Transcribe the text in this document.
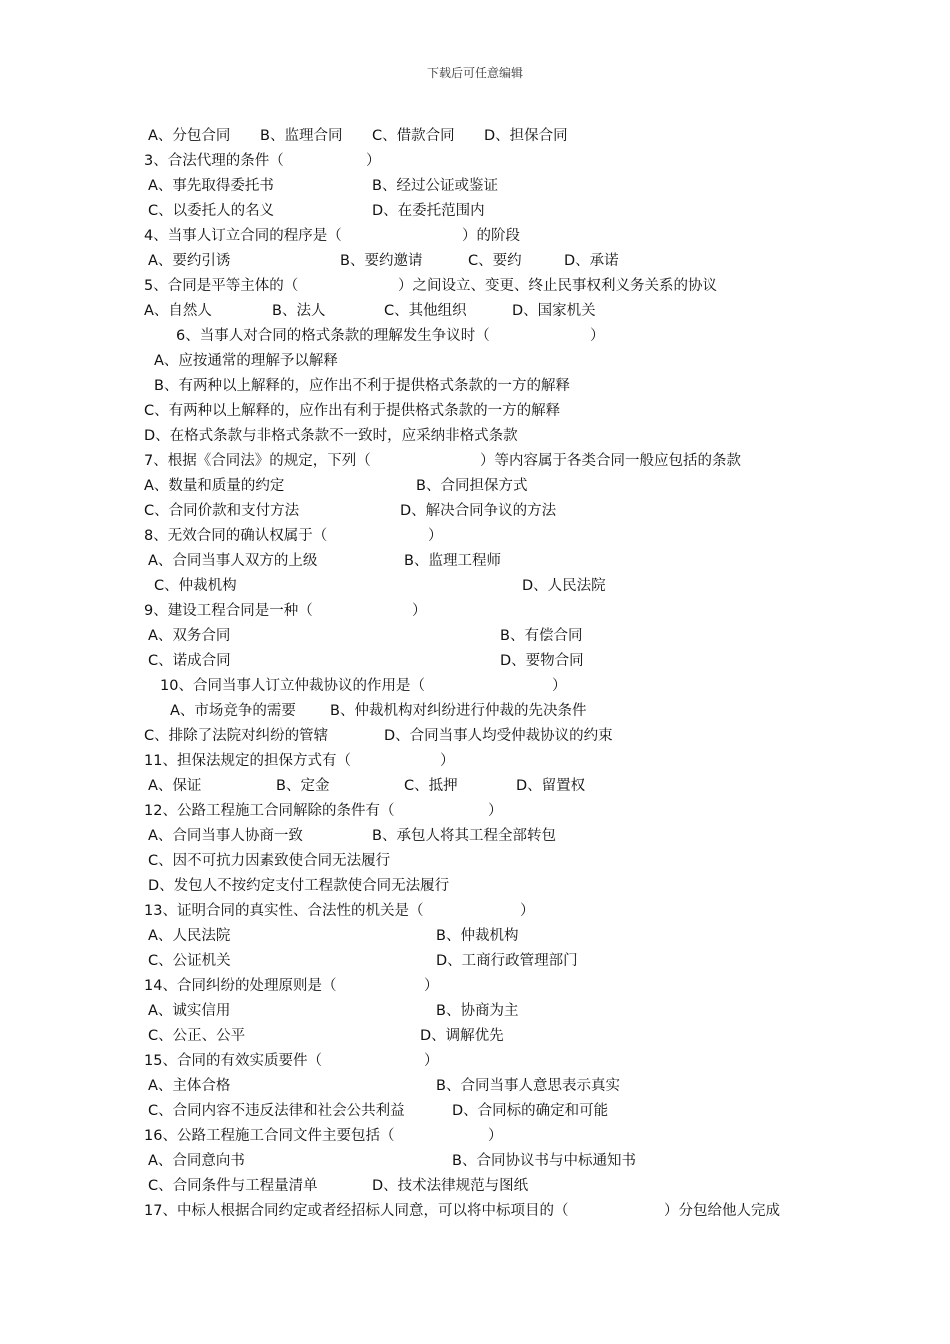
下载后可任意编辑
A、分包合同 B、监理合同 C、借款合同 D、担保合同
3、合法代理的条件（	）
A、事先取得委托书	B、经过公证或鉴证
C、以委托人的名义	D、在委托范围内
4、当事人订立合同的程序是（	）的阶段
A、要约引诱	B、要约邀请	C、要约	D、承诺
5、合同是平等主体的（	）之间设立、变更、终止民事权利义务关系的协议
A、自然人	B、法人	C、其他组织	D、国家机关
6、当事人对合同的格式条款的理解发生争议时（	）
A、应按通常的理解予以解释
B、有两种以上解释的，应作出不利于提供格式条款的一方的解释
C、有两种以上解释的，应作出有利于提供格式条款的一方的解释
D、在格式条款与非格式条款不一致时，应采纳非格式条款
7、根据《合同法》的规定，下列（	）等内容属于各类合同一般应包括的条款
A、数量和质量的约定	B、合同担保方式
C、合同价款和支付方法	D、解决合同争议的方法
8、无效合同的确认权属于（	）
A、合同当事人双方的上级	B、监理工程师
C、仲裁机构	D、人民法院
9、建设工程合同是一种（	）
A、双务合同	B、有偿合同
C、诺成合同	D、要物合同
10、合同当事人订立仲裁协议的作用是（	）
A、市场竞争的需要 B、仲裁机构对纠纷进行仲裁的先决条件
C、排除了法院对纠纷的管辖	D、合同当事人均受仲裁协议的约束
11、担保法规定的担保方式有（	）
A、保证	B、定金	C、抵押	D、留置权
12、公路工程施工合同解除的条件有（	）
A、合同当事人协商一致	B、承包人将其工程全部转包
C、因不可抗力因素致使合同无法履行
D、发包人不按约定支付工程款使合同无法履行
13、证明合同的真实性、合法性的机关是（	）
A、人民法院	B、仲裁机构
C、公证机关	D、工商行政管理部门
14、合同纠纷的处理原则是（	）
A、诚实信用	B、协商为主
C、公正、公平	D、调解优先
15、合同的有效实质要件（	）
A、主体合格	B、合同当事人意思表示真实
C、合同内容不违反法律和社会公共利益	D、合同标的确定和可能
16、公路工程施工合同文件主要包括（	）
A、合同意向书	B、合同协议书与中标通知书
C、合同条件与工程量清单	D、技术法律规范与图纸
17、中标人根据合同约定或者经招标人同意，可以将中标项目的（	）分包给他人完成
